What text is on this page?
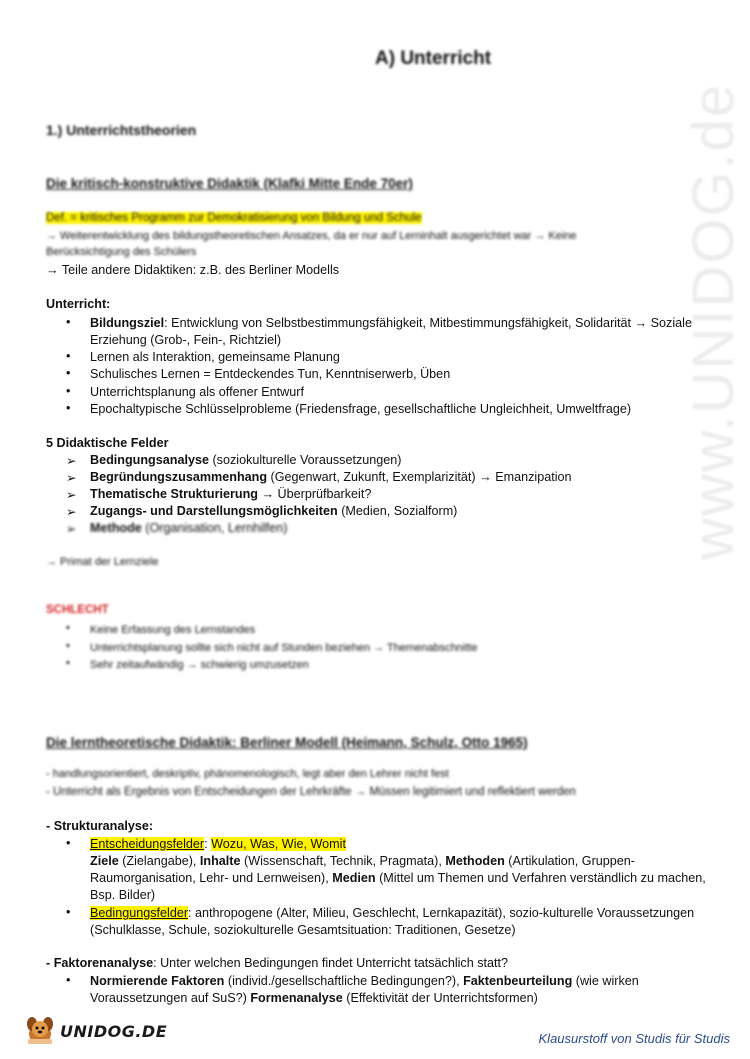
www.UNIDOG.de
A) Unterricht
1.) Unterrichtstheorien
Die kritisch-konstruktive Didaktik (Klafki Mitte Ende 70er)
Def. = kritisches Programm zur Demokratisierung von Bildung und Schule
→ Weiterentwicklung des bildungstheoretischen Ansatzes, da er nur auf Lerninhalt ausgerichtet war → Keine
Berücksichtigung des Schülers
→ Teile andere Didaktiken: z.B. des Berliner Modells
Unterricht:
•	Bildungsziel: Entwicklung von Selbstbestimmungsfähigkeit, Mitbestimmungsfähigkeit, Solidarität → Soziale Erziehung (Grob-, Fein-, Richtziel)
•	Lernen als Interaktion, gemeinsame Planung
•	Schulisches Lernen = Entdeckendes Tun, Kenntniserwerb, Üben
•	Unterrichtsplanung als offener Entwurf
•	Epochaltypische Schlüsselprobleme (Friedensfrage, gesellschaftliche Ungleichheit, Umweltfrage)
5 Didaktische Felder
➢ Bedingungsanalyse (soziokulturelle Voraussetzungen)
➢ Begründungszusammenhang (Gegenwart, Zukunft, Exemplarizität) → Emanzipation
➢ Thematische Strukturierung → Überprüfbarkeit?
➢ Zugangs- und Darstellungsmöglichkeiten (Medien, Sozialform)
➢ Methode (Organisation, Lernhilfen)
→ Primat der Lernziele
SCHLECHT
•	Keine Erfassung des Lernstandes
•	Unterrichtsplanung sollte sich nicht auf Stunden beziehen → Themenabschnitte
•	Sehr zeitaufwändig → schwierig umzusetzen
Die lerntheoretische Didaktik: Berliner Modell (Heimann, Schulz, Otto 1965)
- handlungsorientiert, deskriptiv, phänomenologisch, legt aber den Lehrer nicht fest
- Unterricht als Ergebnis von Entscheidungen der Lehrkräfte → Müssen legitimiert und reflektiert werden
- Strukturanalyse:
•	Entscheidungsfelder: Wozu, Was, Wie, Womit
Ziele (Zielangabe), Inhalte (Wissenschaft, Technik, Pragmata), Methoden (Artikulation, Gruppen-Raumorganisation, Lehr- und Lernweisen), Medien (Mittel um Themen und Verfahren verständlich zu machen, Bsp. Bilder)
•	Bedingungsfelder: anthropogene (Alter, Milieu, Geschlecht, Lernkapazität), sozio-kulturelle Voraussetzungen (Schulklasse, Schule, soziokulturelle Gesamtsituation: Traditionen, Gesetze)
- Faktorenanalyse: Unter welchen Bedingungen findet Unterricht tatsächlich statt?
•	Normierende Faktoren (individ./gesellschaftliche Bedingungen?), Faktenbeurteilung (wie wirken Voraussetzungen auf SuS?) Formenanalyse (Effektivität der Unterrichtsformen)
UNIDOG.DE	Klausurstoff von Studis für Studis
